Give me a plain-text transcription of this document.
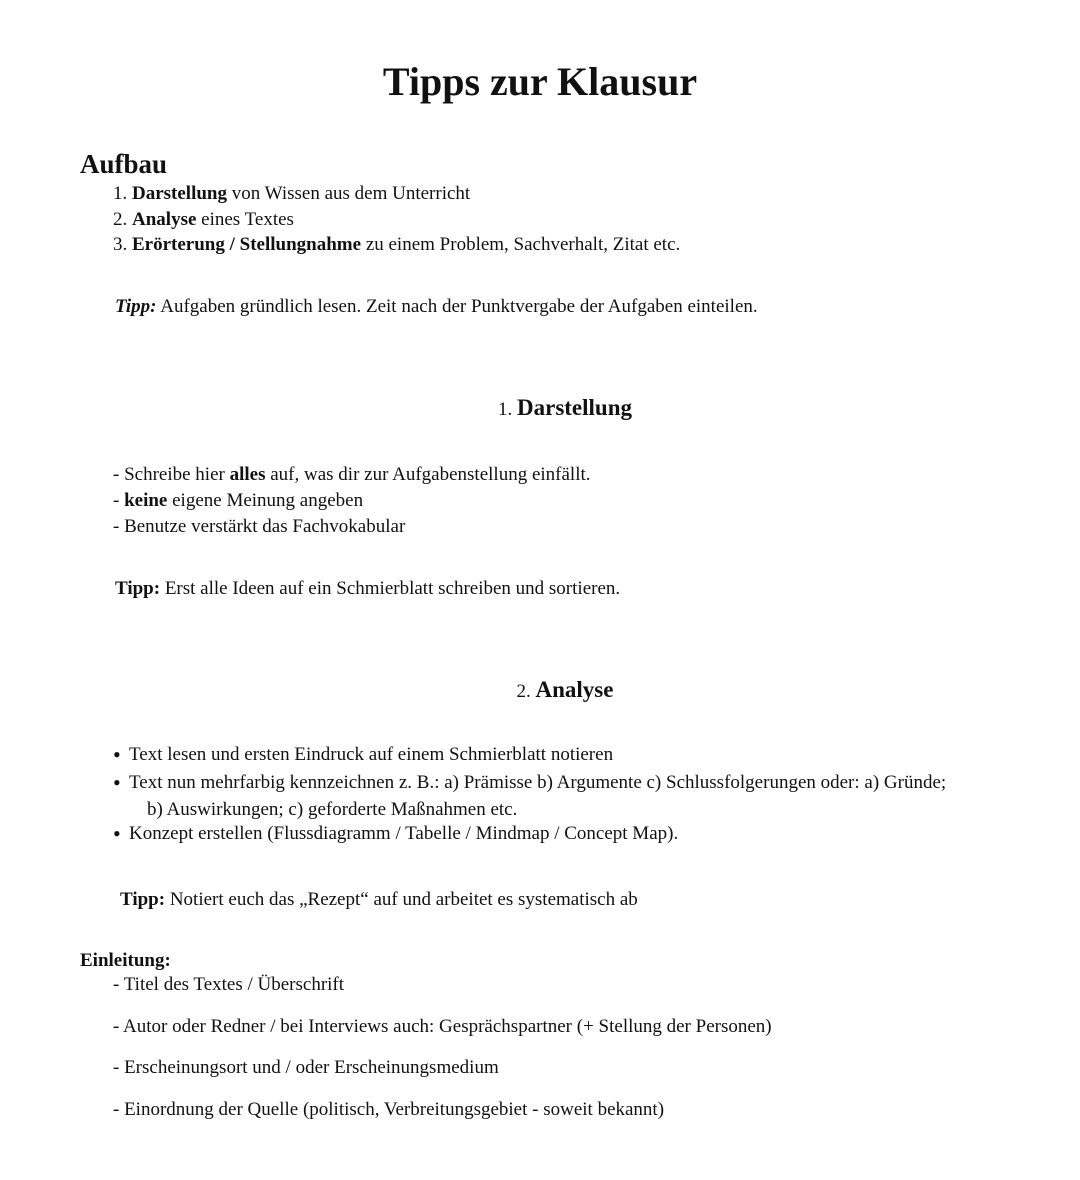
Tipps zur Klausur
Aufbau
1. Darstellung von Wissen aus dem Unterricht
2. Analyse eines Textes
3. Erörterung / Stellungnahme zu einem Problem, Sachverhalt, Zitat etc.
Tipp: Aufgaben gründlich lesen. Zeit nach der Punktvergabe der Aufgaben einteilen.
1. Darstellung
- Schreibe hier alles auf, was dir zur Aufgabenstellung einfällt.
- keine eigene Meinung angeben
- Benutze verstärkt das Fachvokabular
Tipp: Erst alle Ideen auf ein Schmierblatt schreiben und sortieren.
2. Analyse
• Text lesen und ersten Eindruck auf einem Schmierblatt notieren
• Text nun mehrfarbig kennzeichnen z. B.: a) Prämisse b) Argumente c) Schlussfolgerungen oder: a) Gründe;
b) Auswirkungen; c) geforderte Maßnahmen etc.
• Konzept erstellen (Flussdiagramm / Tabelle / Mindmap / Concept Map).
Tipp: Notiert euch das „Rezept“ auf und arbeitet es systematisch ab
Einleitung:
- Titel des Textes / Überschrift
- Autor oder Redner / bei Interviews auch: Gesprächspartner (+ Stellung der Personen)
- Erscheinungsort und / oder Erscheinungsmedium
- Einordnung der Quelle (politisch, Verbreitungsgebiet - soweit bekannt)
